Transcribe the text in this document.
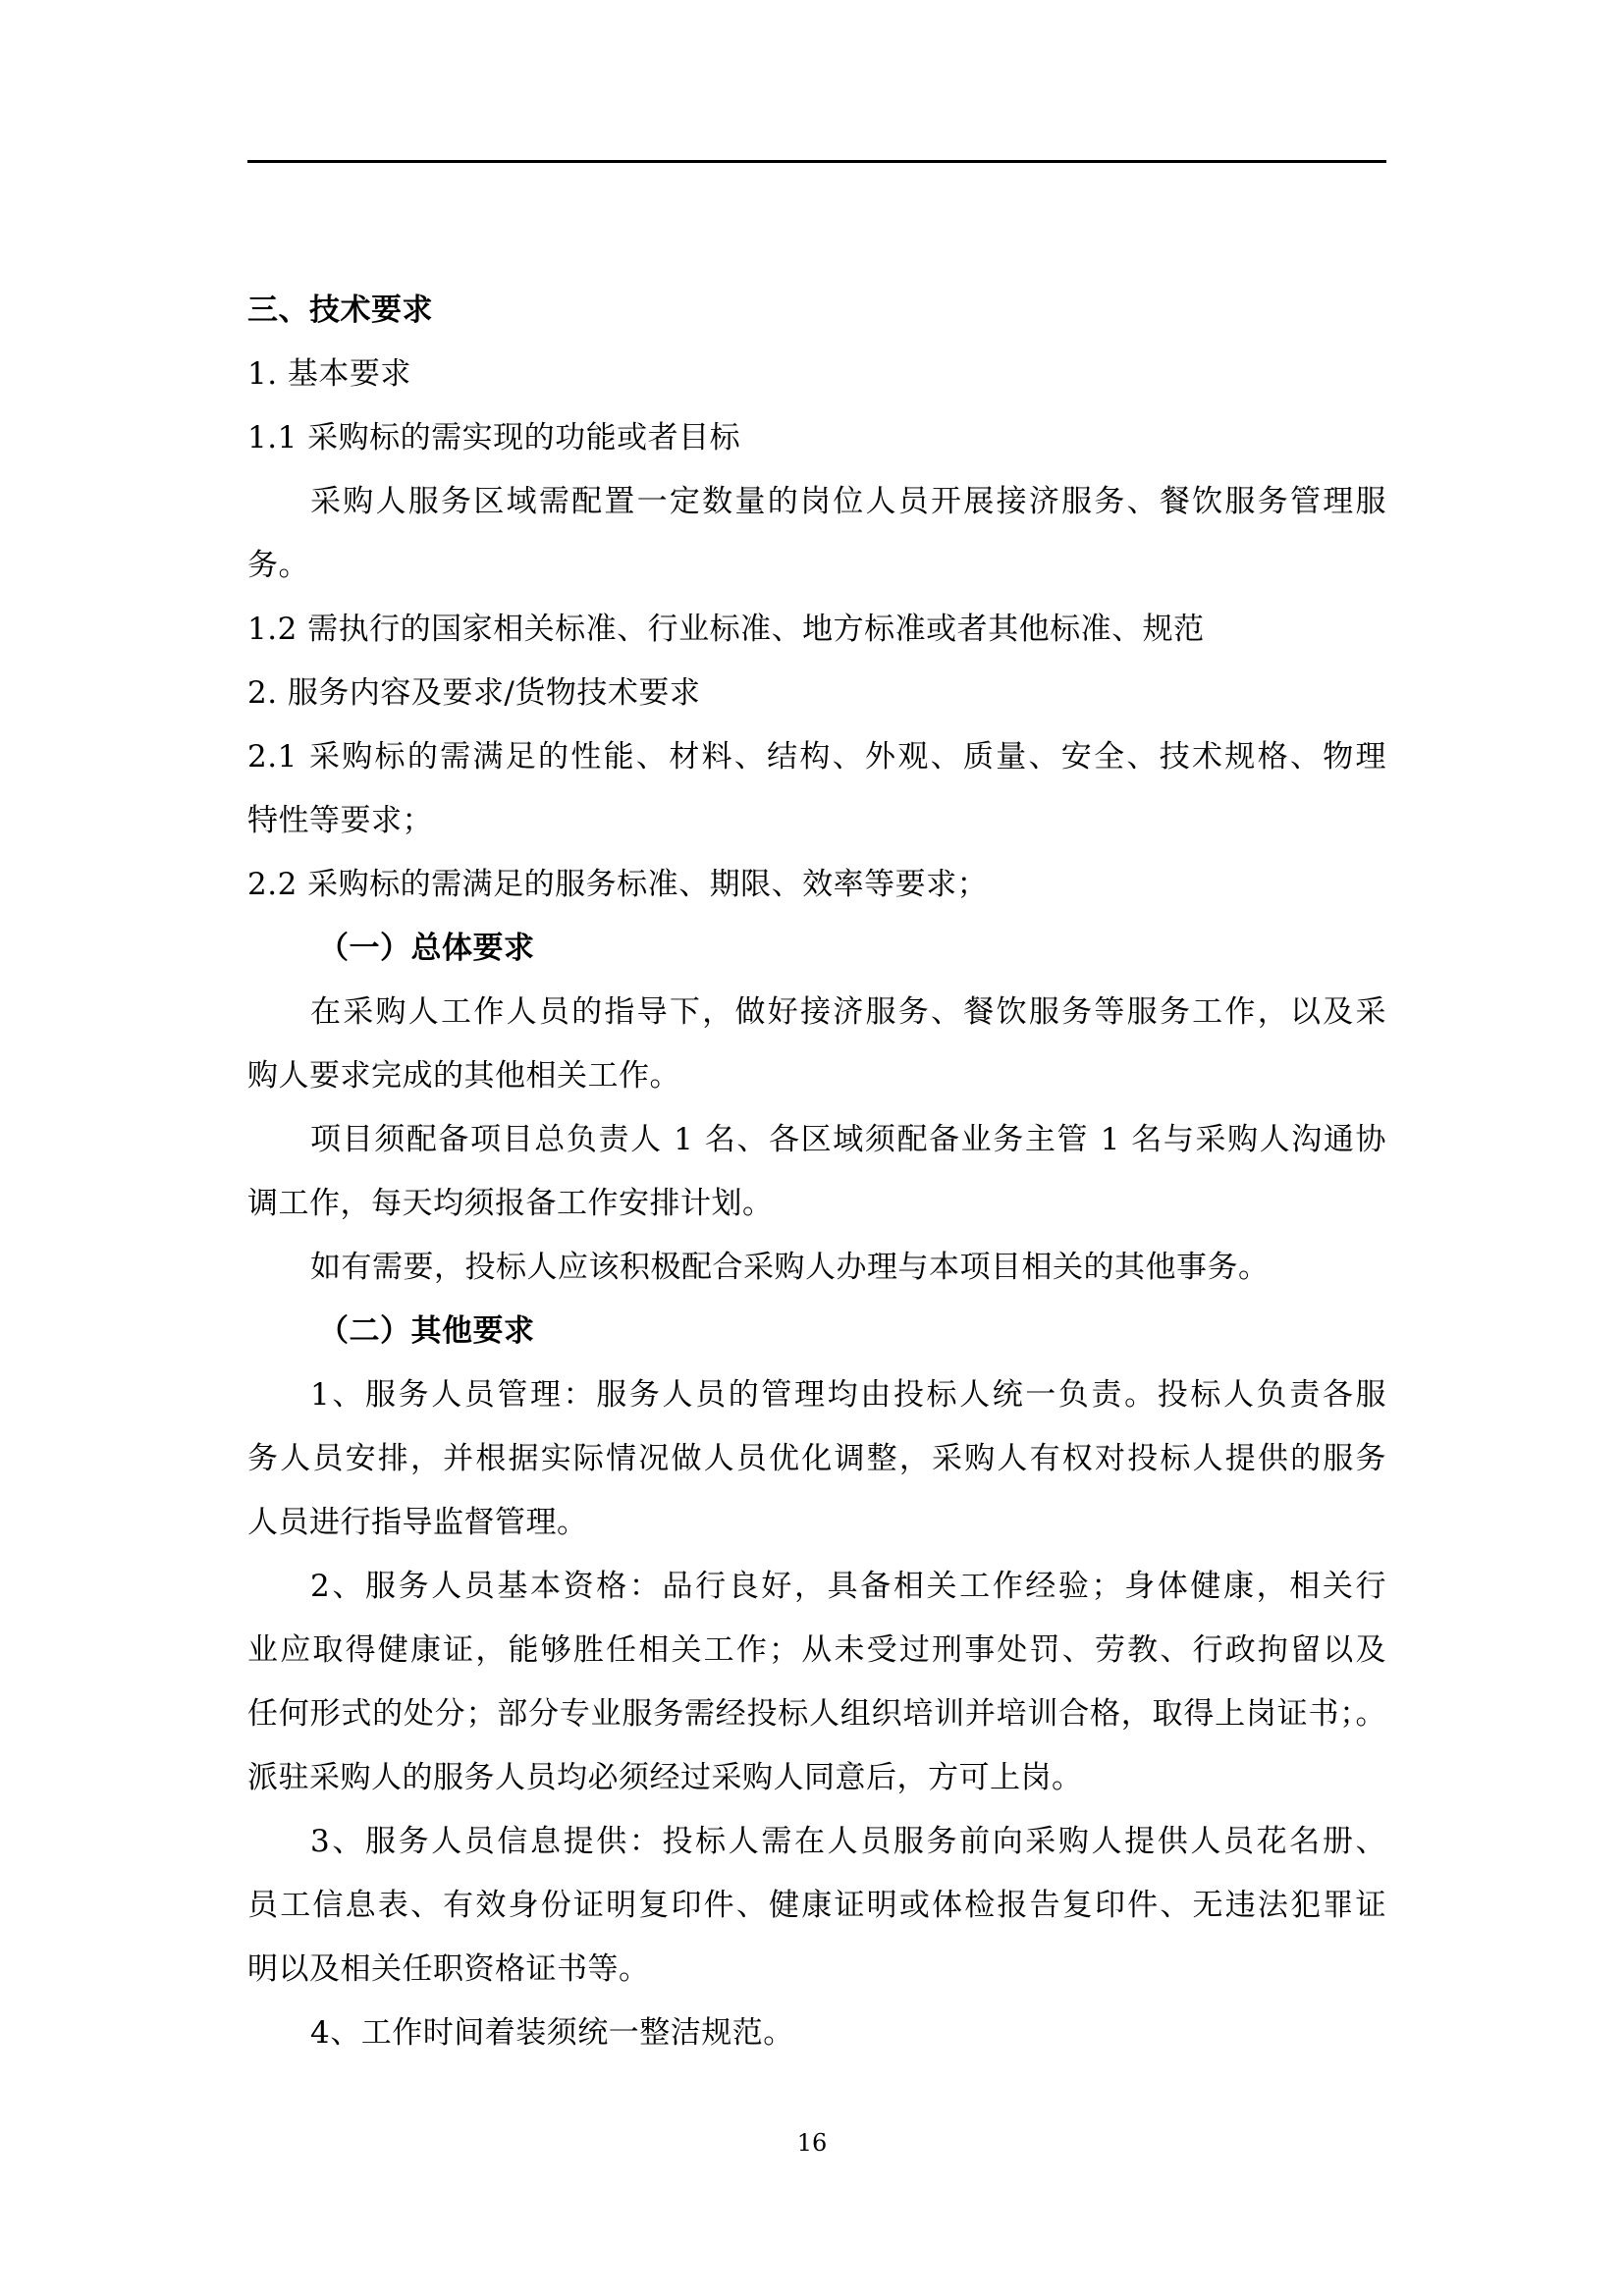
三、技术要求
1. 基本要求
1.1 采购标的需实现的功能或者目标
采购人服务区域需配置一定数量的岗位人员开展接济服务、餐饮服务管理服
务。
1.2 需执行的国家相关标准、行业标准、地方标准或者其他标准、规范
2. 服务内容及要求/货物技术要求
2.1 采购标的需满足的性能、材料、结构、外观、质量、安全、技术规格、物理
特性等要求；
2.2 采购标的需满足的服务标准、期限、效率等要求；
（一）总体要求
在采购人工作人员的指导下，做好接济服务、餐饮服务等服务工作，以及采
购人要求完成的其他相关工作。
项目须配备项目总负责人 1 名、各区域须配备业务主管 1 名与采购人沟通协
调工作，每天均须报备工作安排计划。
如有需要，投标人应该积极配合采购人办理与本项目相关的其他事务。
（二）其他要求
1、服务人员管理：服务人员的管理均由投标人统一负责。投标人负责各服
务人员安排，并根据实际情况做人员优化调整，采购人有权对投标人提供的服务
人员进行指导监督管理。
2、服务人员基本资格：品行良好，具备相关工作经验；身体健康，相关行
业应取得健康证，能够胜任相关工作；从未受过刑事处罚、劳教、行政拘留以及
任何形式的处分；部分专业服务需经投标人组织培训并培训合格，取得上岗证书；。
派驻采购人的服务人员均必须经过采购人同意后，方可上岗。
3、服务人员信息提供：投标人需在人员服务前向采购人提供人员花名册、
员工信息表、有效身份证明复印件、健康证明或体检报告复印件、无违法犯罪证
明以及相关任职资格证书等。
4、工作时间着装须统一整洁规范。
16
